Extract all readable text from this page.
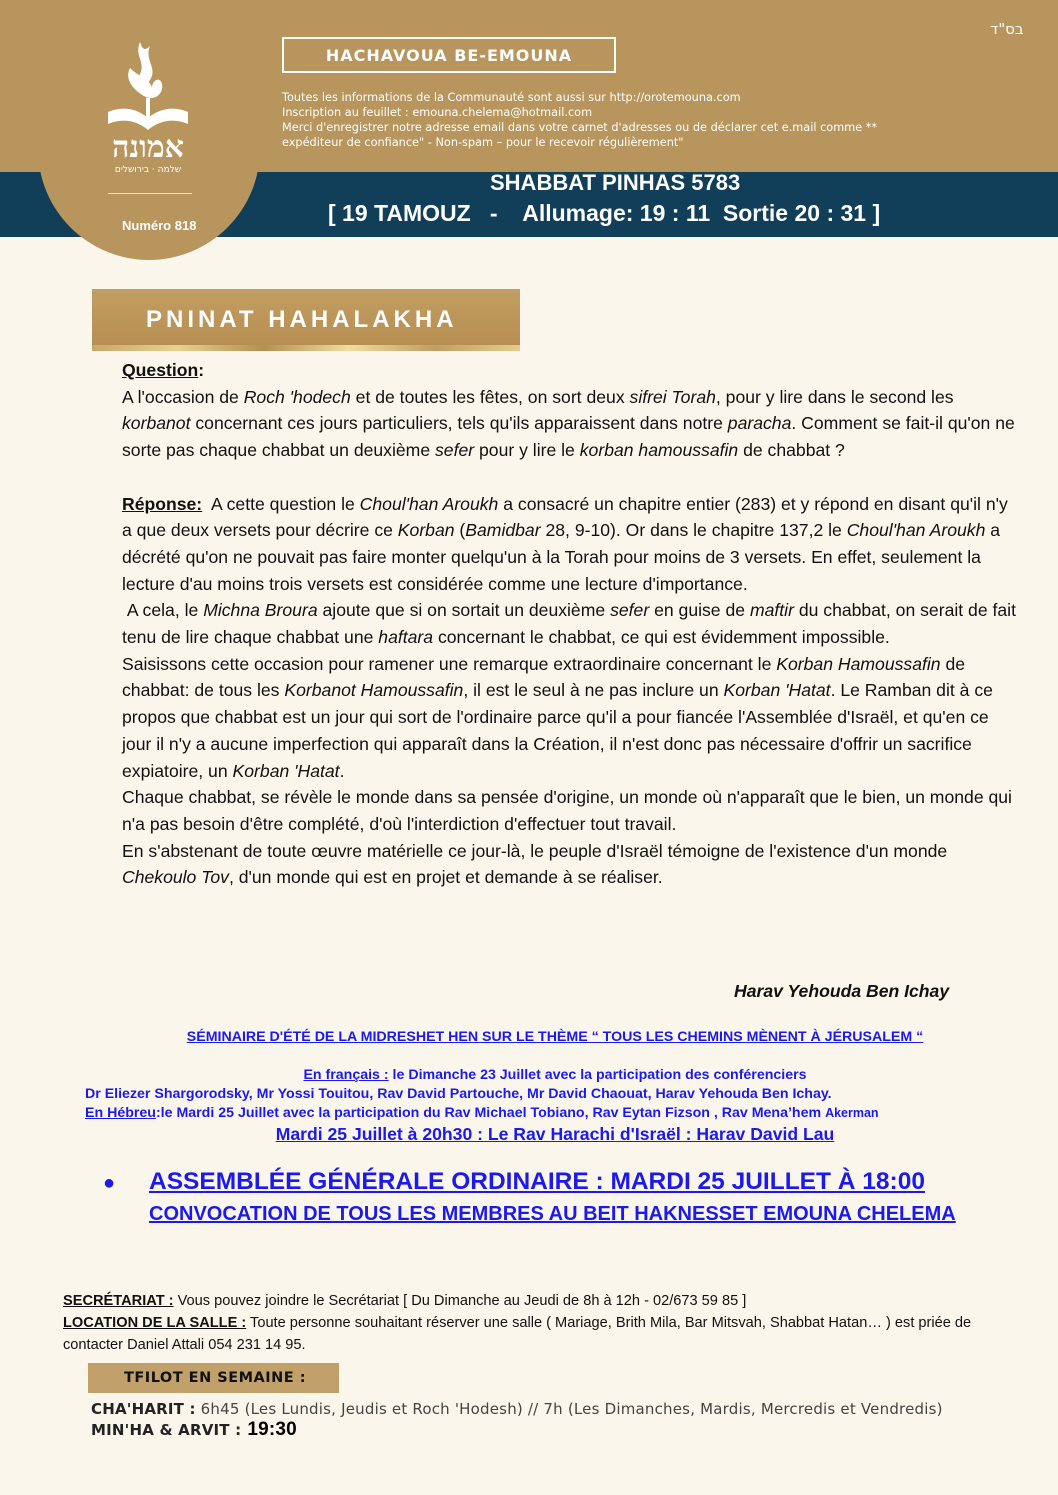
אמונה
שלמה · בירושלים
Numéro 818
בס"ד
HACHAVOUA BE-EMOUNA
Toutes les informations de la Communauté sont aussi sur http://orotemouna.com
Inscription au feuillet : emouna.chelema@hotmail.com
Merci d'enregistrer notre adresse email dans votre carnet d'adresses ou de déclarer cet e.mail comme **
expéditeur de confiance" - Non-spam – pour le recevoir régulièrement"
SHABBAT PINHAS 5783
[ 19 TAMOUZ   -    Allumage: 19 : 11  Sortie 20 : 31 ]
PNINAT HAHALAKHA

Question:
A l'occasion de Roch 'hodech et de toutes les fêtes, on sort deux sifrei Torah, pour y lire dans le second les korbanot concernant ces jours particuliers, tels qu'ils apparaissent dans notre paracha. Comment se fait-il qu'on ne sorte pas chaque chabbat un deuxième sefer pour y lire le korban hamoussafin de chabbat ?

Réponse: A cette question le Choul'han Aroukh a consacré un chapitre entier (283) et y répond en disant qu'il n'y a que deux versets pour décrire ce Korban (Bamidbar 28, 9-10). Or dans le chapitre 137,2 le Choul'han Aroukh a décrété qu'on ne pouvait pas faire monter quelqu'un à la Torah pour moins de 3 versets. En effet, seulement la lecture d'au moins trois versets est considérée comme une lecture d'importance.

A cela, le Michna Broura ajoute que si on sortait un deuxième sefer en guise de maftir du chabbat, on serait de fait tenu de lire chaque chabbat une haftara concernant le chabbat, ce qui est évidemment impossible.

Saisissons cette occasion pour ramener une remarque extraordinaire concernant le Korban Hamoussafin de chabbat: de tous les Korbanot Hamoussafin, il est le seul à ne pas inclure un Korban 'Hatat. Le Ramban dit à ce propos que chabbat est un jour qui sort de l'ordinaire parce qu'il a pour fiancée l'Assemblée d'Israël, et qu'en ce jour il n'y a aucune imperfection qui apparaît dans la Création, il n'est donc pas nécessaire d'offrir un sacrifice expiatoire, un Korban 'Hatat.

Chaque chabbat, se révèle le monde dans sa pensée d'origine, un monde où n'apparaît que le bien, un monde qui n'a pas besoin d'être complété, d'où l'interdiction d'effectuer tout travail.

En s'abstenant de toute œuvre matérielle ce jour-là, le peuple d'Israël témoigne de l'existence d'un monde Chekoulo Tov, d'un monde qui est en projet et demande à se réaliser.

Harav Yehouda Ben Ichay
SÉMINAIRE D'ÉTÉ DE LA MIDRESHET HEN SUR LE THÈME “ TOUS LES CHEMINS MÈNENT À JÉRUSALEM “
En français : le Dimanche 23 Juillet avec la participation des conférenciers
Dr Eliezer Shargorodsky, Mr Yossi Touitou, Rav David Partouche, Mr David Chaouat, Harav Yehouda Ben Ichay.
En Hébreu:le Mardi 25 Juillet avec la participation du Rav Michael Tobiano, Rav Eytan Fizson , Rav Mena’hem Akerman
Mardi 25 Juillet à 20h30 : Le Rav Harachi d'Israël : Harav David Lau
● ASSEMBLÉE GÉNÉRALE ORDINAIRE : MARDI 25 JUILLET À 18:00
CONVOCATION DE TOUS LES MEMBRES AU BEIT HAKNESSET EMOUNA CHELEMA
SECRÉTARIAT : Vous pouvez joindre le Secrétariat [ Du Dimanche au Jeudi de 8h à 12h - 02/673 59 85 ]
LOCATION DE LA SALLE : Toute personne souhaitant réserver une salle ( Mariage, Brith Mila, Bar Mitsvah, Shabbat Hatan… ) est priée de contacter Daniel Attali 054 231 14 95.
TFILOT EN SEMAINE :
CHA'HARIT : 6h45 (Les Lundis, Jeudis et Roch 'Hodesh) // 7h (Les Dimanches, Mardis, Mercredis et Vendredis)
MIN'HA & ARVIT : 19:30
